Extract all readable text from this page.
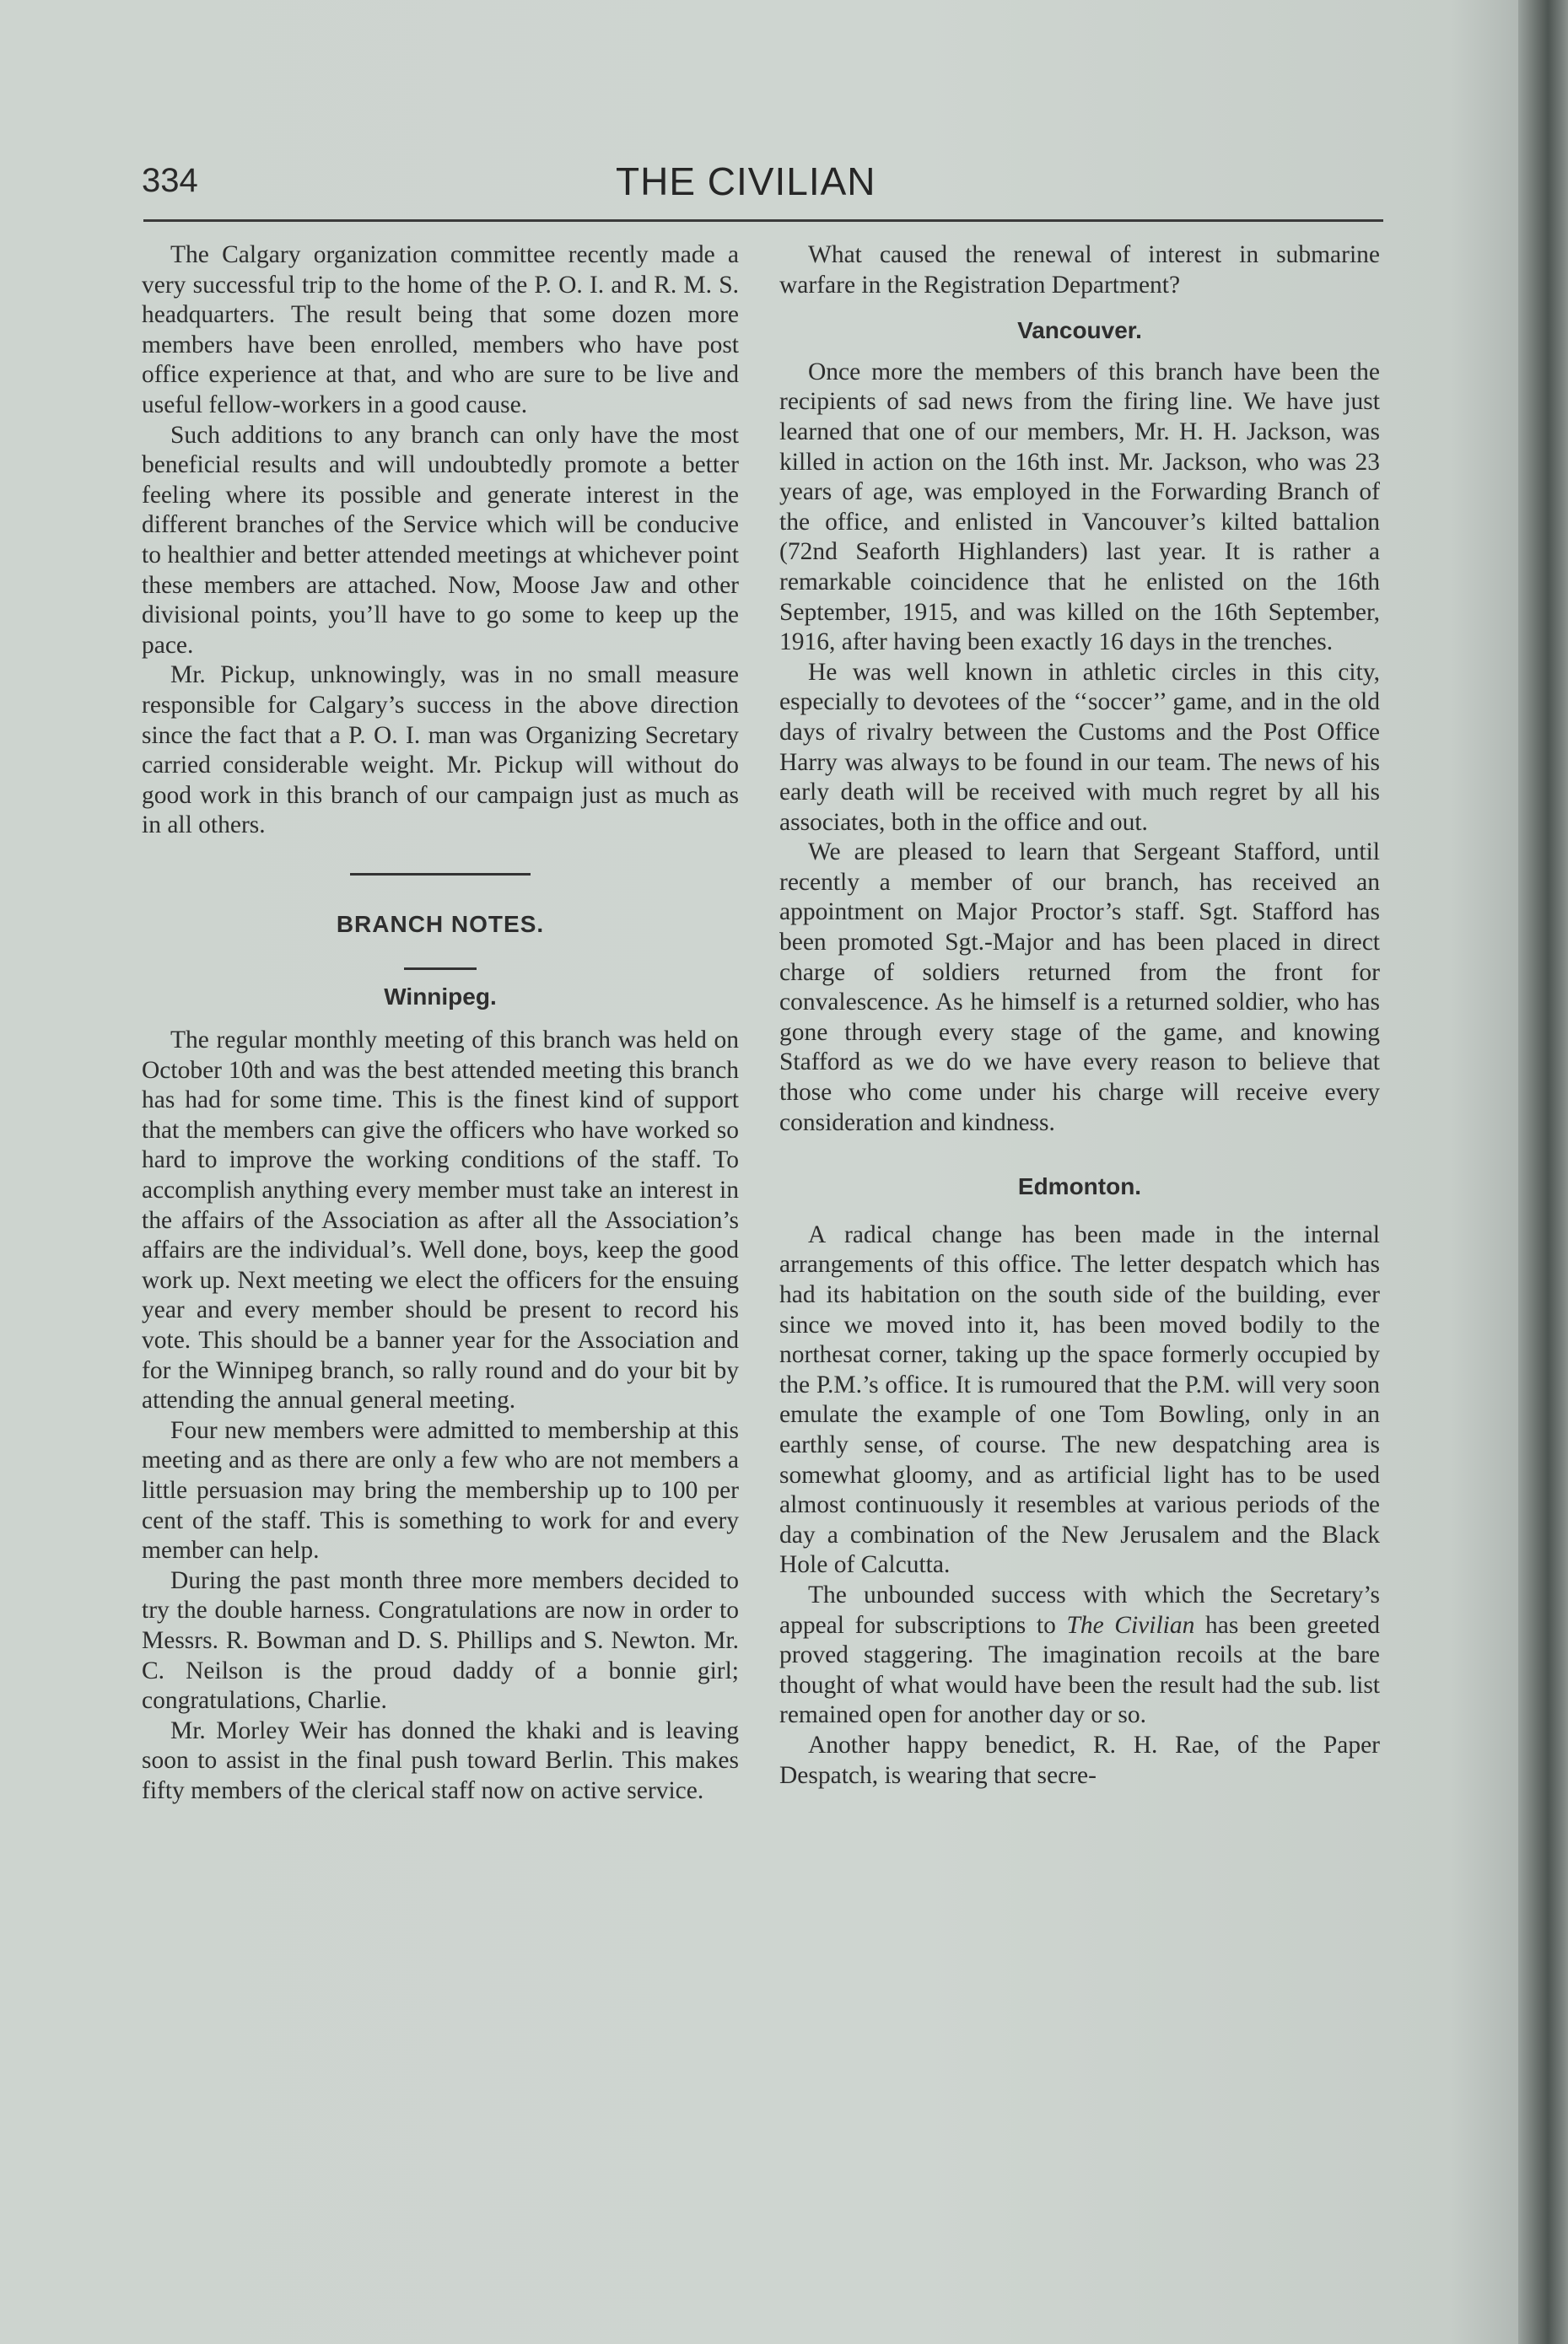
334	THE CIVILIAN

The Calgary organization committee recently made a very successful trip to the home of the P. O. I. and R. M. S. headquarters. The result being that some dozen more members have been enrolled, members who have post office experience at that, and who are sure to be live and useful fellow-workers in a good cause.

Such additions to any branch can only have the most beneficial results and will undoubtedly promote a better feeling where its possible and generate interest in the different branches of the Service which will be conducive to healthier and better attended meetings at whichever point these members are attached. Now, Moose Jaw and other divisional points, you’ll have to go some to keep up the pace.

Mr. Pickup, unknowingly, was in no small measure responsible for Calgary’s success in the above direction since the fact that a P. O. I. man was Organizing Secretary carried considerable weight. Mr. Pickup will without do good work in this branch of our campaign just as much as in all others.

BRANCH NOTES.
Winnipeg.

The regular monthly meeting of this branch was held on October 10th and was the best attended meeting this branch has had for some time. This is the finest kind of support that the members can give the officers who have worked so hard to improve the working conditions of the staff. To accomplish anything every member must take an interest in the affairs of the Association as after all the Association’s affairs are the individual’s. Well done, boys, keep the good work up. Next meeting we elect the officers for the ensuing year and every member should be present to record his vote. This should be a banner year for the Association and for the Winnipeg branch, so rally round and do your bit by attending the annual general meeting.

Four new members were admitted to membership at this meeting and as there are only a few who are not members a little persuasion may bring the membership up to 100 per cent of the staff. This is something to work for and every member can help.

During the past month three more members decided to try the double harness. Congratulations are now in order to Messrs. R. Bowman and D. S. Phillips and S. Newton. Mr. C. Neilson is the proud daddy of a bonnie girl; congratulations, Charlie.

Mr. Morley Weir has donned the khaki and is leaving soon to assist in the final push toward Berlin. This makes fifty members of the clerical staff now on active service.

What caused the renewal of interest in submarine warfare in the Registration Department?

Vancouver.

Once more the members of this branch have been the recipients of sad news from the firing line. We have just learned that one of our members, Mr. H. H. Jackson, was killed in action on the 16th inst. Mr. Jackson, who was 23 years of age, was employed in the Forwarding Branch of the office, and enlisted in Vancouver’s kilted battalion (72nd Seaforth Highlanders) last year. It is rather a remarkable coincidence that he enlisted on the 16th September, 1915, and was killed on the 16th September, 1916, after having been exactly 16 days in the trenches.

He was well known in athletic circles in this city, especially to devotees of the ‘‘soccer’’ game, and in the old days of rivalry between the Customs and the Post Office Harry was always to be found in our team. The news of his early death will be received with much regret by all his associates, both in the office and out.

We are pleased to learn that Sergeant Stafford, until recently a member of our branch, has received an appointment on Major Proctor’s staff. Sgt. Stafford has been promoted Sgt.-Major and has been placed in direct charge of soldiers returned from the front for convalescence. As he himself is a returned soldier, who has gone through every stage of the game, and knowing Stafford as we do we have every reason to believe that those who come under his charge will receive every consideration and kindness.

Edmonton.

A radical change has been made in the internal arrangements of this office. The letter despatch which has had its habitation on the south side of the building, ever since we moved into it, has been moved bodily to the northesat corner, taking up the space formerly occupied by the P.M.’s office. It is rumoured that the P.M. will very soon emulate the example of one Tom Bowling, only in an earthly sense, of course. The new despatching area is somewhat gloomy, and as artificial light has to be used almost continuously it resembles at various periods of the day a combination of the New Jerusalem and the Black Hole of Calcutta.

The unbounded success with which the Secretary’s appeal for subscriptions to The Civilian has been greeted proved staggering. The imagination recoils at the bare thought of what would have been the result had the sub. list remained open for another day or so.

Another happy benedict, R. H. Rae, of the Paper Despatch, is wearing that secre-
